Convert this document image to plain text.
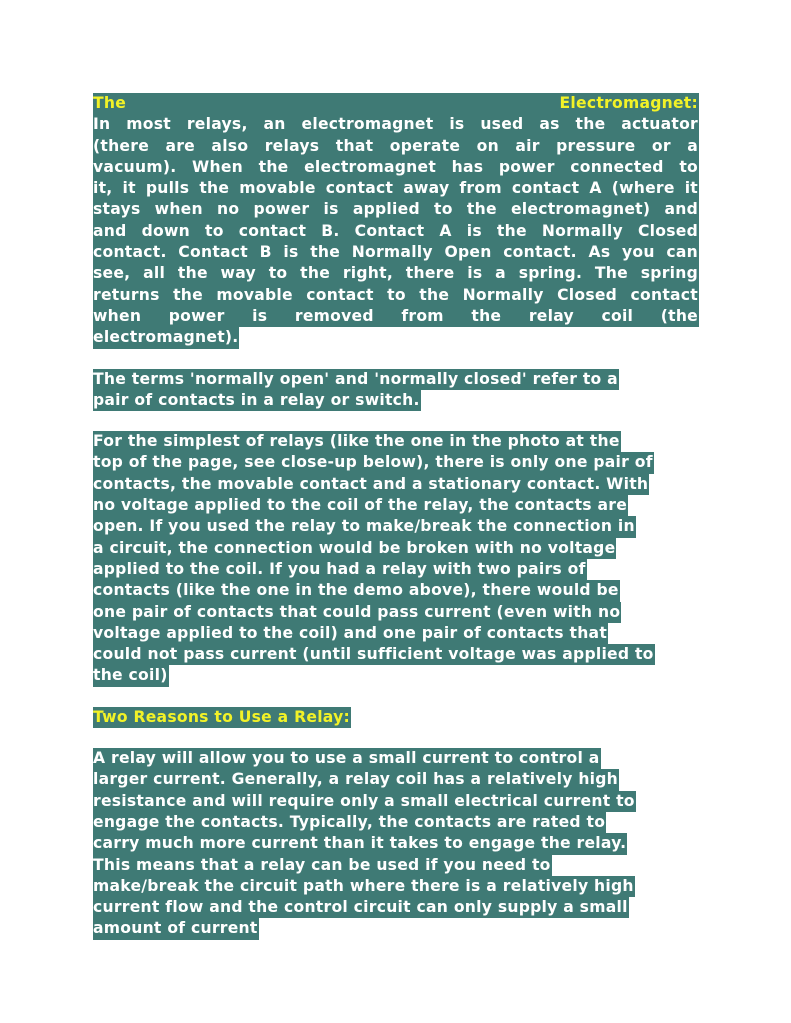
The	Electromagnet:
In most relays, an electromagnet is used as the actuator
(there are also relays that operate on air pressure or a
vacuum). When the electromagnet has power connected to
it, it pulls the movable contact away from contact A (where it
stays when no power is applied to the electromagnet) and
and down to contact B. Contact A is the Normally Closed
contact. Contact B is the Normally Open contact. As you can
see, all the way to the right, there is a spring. The spring
returns the movable contact to the Normally Closed contact
when power is removed from the relay coil (the
electromagnet).
The terms 'normally open' and 'normally closed' refer to a
pair of contacts in a relay or switch.
For the simplest of relays (like the one in the photo at the
top of the page, see close-up below), there is only one pair of
contacts, the movable contact and a stationary contact. With
no voltage applied to the coil of the relay, the contacts are
open. If you used the relay to make/break the connection in
a circuit, the connection would be broken with no voltage
applied to the coil. If you had a relay with two pairs of
contacts (like the one in the demo above), there would be
one pair of contacts that could pass current (even with no
voltage applied to the coil) and one pair of contacts that
could not pass current (until sufficient voltage was applied to
the coil)
Two Reasons to Use a Relay:
A relay will allow you to use a small current to control a
larger current. Generally, a relay coil has a relatively high
resistance and will require only a small electrical current to
engage the contacts. Typically, the contacts are rated to
carry much more current than it takes to engage the relay.
This means that a relay can be used if you need to
make/break the circuit path where there is a relatively high
current flow and the control circuit can only supply a small
amount of current
